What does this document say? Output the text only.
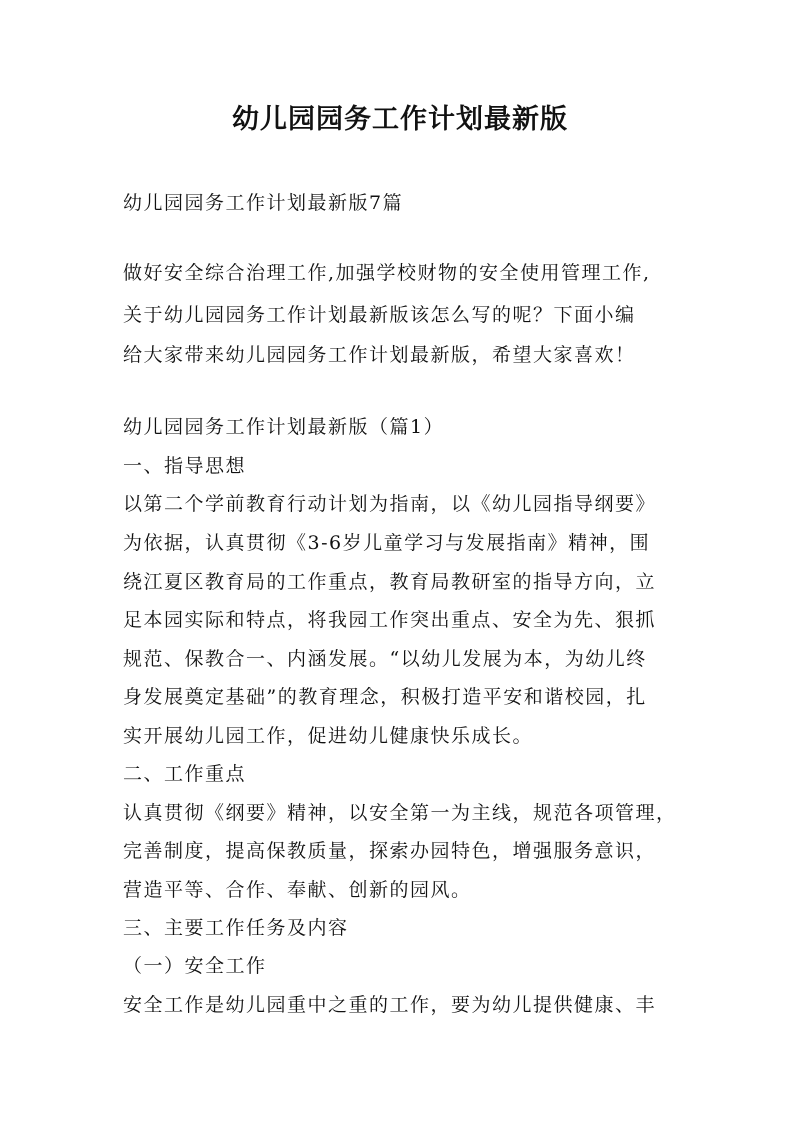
幼儿园园务工作计划最新版
幼儿园园务工作计划最新版7篇
做好安全综合治理工作,加强学校财物的安全使用管理工作,
关于幼儿园园务工作计划最新版该怎么写的呢？下面小编
给大家带来幼儿园园务工作计划最新版，希望大家喜欢！
幼儿园园务工作计划最新版（篇1）
一、指导思想
以第二个学前教育行动计划为指南，以《幼儿园指导纲要》
为依据，认真贯彻《3-6岁儿童学习与发展指南》精神，围
绕江夏区教育局的工作重点，教育局教研室的指导方向，立
足本园实际和特点，将我园工作突出重点、安全为先、狠抓
规范、保教合一、内涵发展。“以幼儿发展为本，为幼儿终
身发展奠定基础”的教育理念，积极打造平安和谐校园，扎
实开展幼儿园工作，促进幼儿健康快乐成长。
二、工作重点
认真贯彻《纲要》精神，以安全第一为主线，规范各项管理，
完善制度，提高保教质量，探索办园特色，增强服务意识，
营造平等、合作、奉献、创新的园风。
三、主要工作任务及内容
（一）安全工作
安全工作是幼儿园重中之重的工作，要为幼儿提供健康、丰
